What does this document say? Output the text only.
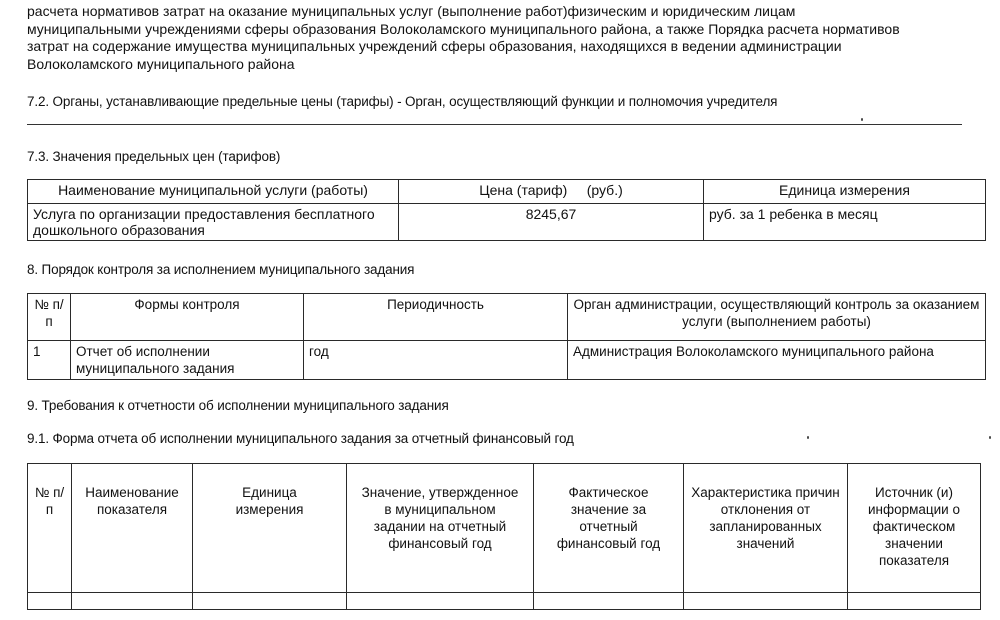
расчета нормативов затрат на оказание муниципальных услуг (выполнение работ)физическим и юридическим лицам
муниципальными учреждениями сферы образования Волоколамского муниципального района, а также Порядка расчета нормативов
затрат на содержание имущества муниципальных учреждений сферы образования, находящихся в ведении администрации
Волоколамского муниципального района
7.2. Органы, устанавливающие предельные цены (тарифы) - Орган, осуществляющий функции и полномочия учредителя
7.3. Значения предельных цен (тарифов)
Наименование муниципальной услуги (работы)	Цена (тариф)     (руб.)	Единица измерения
Услуга по организации предоставления бесплатного дошкольного образования	8245,67	руб. за 1 ребенка в месяц
8. Порядок контроля за исполнением муниципального задания
№ п/п	Формы контроля	Периодичность	Орган администрации, осуществляющий контроль за оказанием услуги (выполнением работы)
1	Отчет об исполнении муниципального задания	год	Администрация Волоколамского муниципального района
9. Требования к отчетности об исполнении муниципального задания
9.1. Форма отчета об исполнении муниципального задания за отчетный финансовый год
№ п/п	Наименование показателя	Единица измерения	Значение, утвержденное в муниципальном задании на отчетный финансовый год	Фактическое значение за отчетный финансовый год	Характеристика причин отклонения от запланированных значений	Источник (и) информации о фактическом значении показателя
